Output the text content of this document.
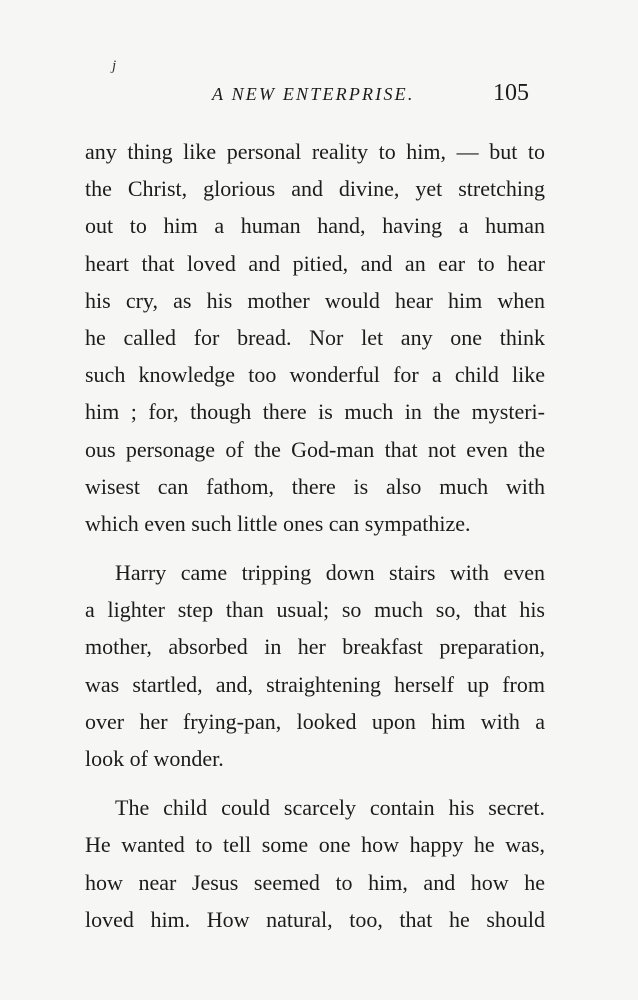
j
A NEW ENTERPRISE.	105
any thing like personal reality to him, — but to
the Christ, glorious and divine, yet stretching
out to him a human hand, having a human
heart that loved and pitied, and an ear to hear
his cry, as his mother would hear him when
he called for bread. Nor let any one think
such knowledge too wonderful for a child like
him ; for, though there is much in the mysteri-
ous personage of the God-man that not even the
wisest can fathom, there is also much with
which even such little ones can sympathize.
Harry came tripping down stairs with even
a lighter step than usual; so much so, that his
mother, absorbed in her breakfast preparation,
was startled, and, straightening herself up from
over her frying-pan, looked upon him with a
look of wonder.
The child could scarcely contain his secret.
He wanted to tell some one how happy he was,
how near Jesus seemed to him, and how he
loved him. How natural, too, that he should
